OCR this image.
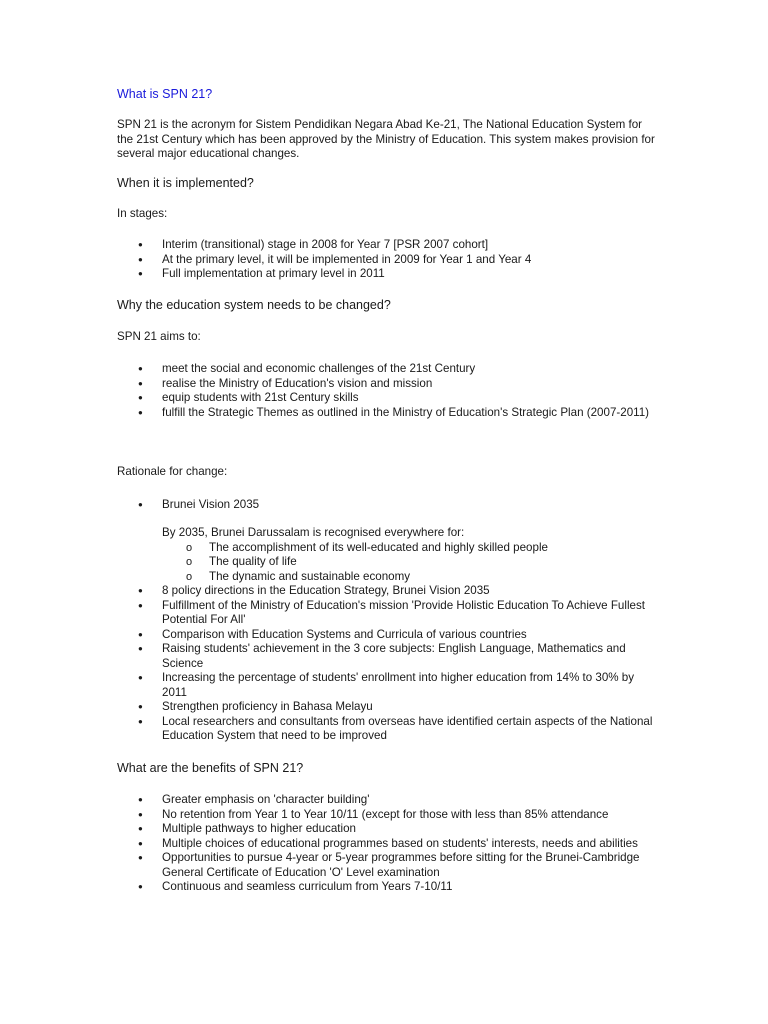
What is SPN 21?

SPN 21 is the acronym for Sistem Pendidikan Negara Abad Ke-21, The National Education System for the 21st Century which has been approved by the Ministry of Education. This system makes provision for several major educational changes.

When it is implemented?

In stages:

● Interim (transitional) stage in 2008 for Year 7 [PSR 2007 cohort]
● At the primary level, it will be implemented in 2009 for Year 1 and Year 4
● Full implementation at primary level in 2011

Why the education system needs to be changed?

SPN 21 aims to:

● meet the social and economic challenges of the 21st Century
● realise the Ministry of Education's vision and mission
● equip students with 21st Century skills
● fulfill the Strategic Themes as outlined in the Ministry of Education's Strategic Plan (2007-2011)

Rationale for change:

● Brunei Vision 2035

By 2035, Brunei Darussalam is recognised everywhere for:

o The accomplishment of its well-educated and highly skilled people
o The quality of life
o The dynamic and sustainable economy
● 8 policy directions in the Education Strategy, Brunei Vision 2035
● Fulfillment of the Ministry of Education's mission 'Provide Holistic Education To Achieve Fullest Potential For All'
● Comparison with Education Systems and Curricula of various countries
● Raising students' achievement in the 3 core subjects: English Language, Mathematics and Science
● Increasing the percentage of students' enrollment into higher education from 14% to 30% by 2011
● Strengthen proficiency in Bahasa Melayu
● Local researchers and consultants from overseas have identified certain aspects of the National Education System that need to be improved

What are the benefits of SPN 21?

● Greater emphasis on 'character building'
● No retention from Year 1 to Year 10/11 (except for those with less than 85% attendance
● Multiple pathways to higher education
● Multiple choices of educational programmes based on students' interests, needs and abilities
● Opportunities to pursue 4-year or 5-year programmes before sitting for the Brunei-Cambridge General Certificate of Education 'O' Level examination
● Continuous and seamless curriculum from Years 7-10/11
